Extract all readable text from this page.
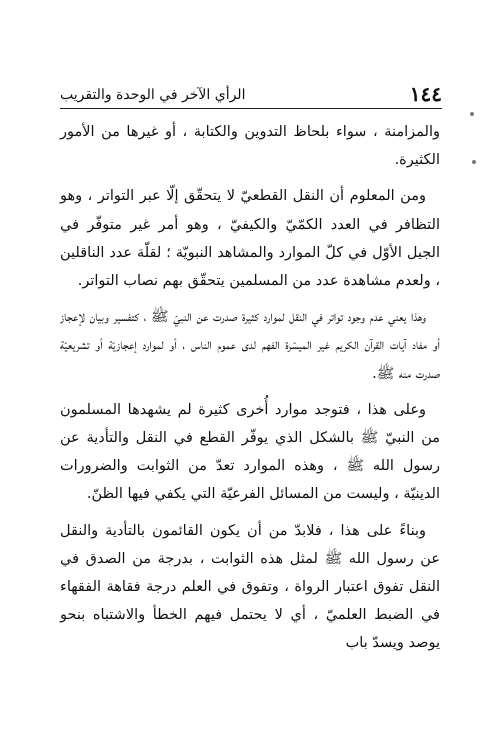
١٤٤
الرأي الآخر في الوحدة والتقريب

والمزامنة ، سواء بلحاظ التدوين والكتابة ، أو غيرها من الأمور الكثيرة.

ومن المعلوم أن النقل القطعيّ لا يتحقّق إلّا عبر التواتر ، وهو التظافر في العدد الكمّيّ والكيفيّ ، وهو أمر غير متوفّر في الجيل الأوّل في كلّ الموارد والمشاهد النبويّة ؛ لقلّة عدد الناقلين ، ولعدم مشاهدة عدد من المسلمين يتحقّق بهم نصاب التواتر.

وهذا يعني عدم وجود تواتر في النقل لموارد كثيرة صدرت عن النبيّ ﷺ ، كتفسير وبيان لإعجاز أو مفاد آيات القرآن الكريم غير الميسّرة الفهم لدى عموم الناس ، أو لموارد إعجازيّة أو تشريعيّة صدرت منه ﷺ.

وعلى هذا ، فتوجد موارد أُخرى كثيرة لم يشهدها المسلمون من النبيّ ﷺ بالشكل الذي يوفّر القطع في النقل والتأدية عن رسول الله ﷺ ، وهذه الموارد تعدّ من الثوابت والضرورات الدينيّة ، وليست من المسائل الفرعيّة التي يكفي فيها الظنّ.

وبناءً على هذا ، فلابدّ من أن يكون القائمون بالتأدية والنقل عن رسول الله ﷺ لمثل هذه الثوابت ، بدرجة من الصدق في النقل تفوق اعتبار الرواة ، وتفوق في العلم درجة فقاهة الفقهاء في الضبط العلميّ ، أي لا يحتمل فيهم الخطأ والاشتباه بنحو يوصد ويسدّ باب
